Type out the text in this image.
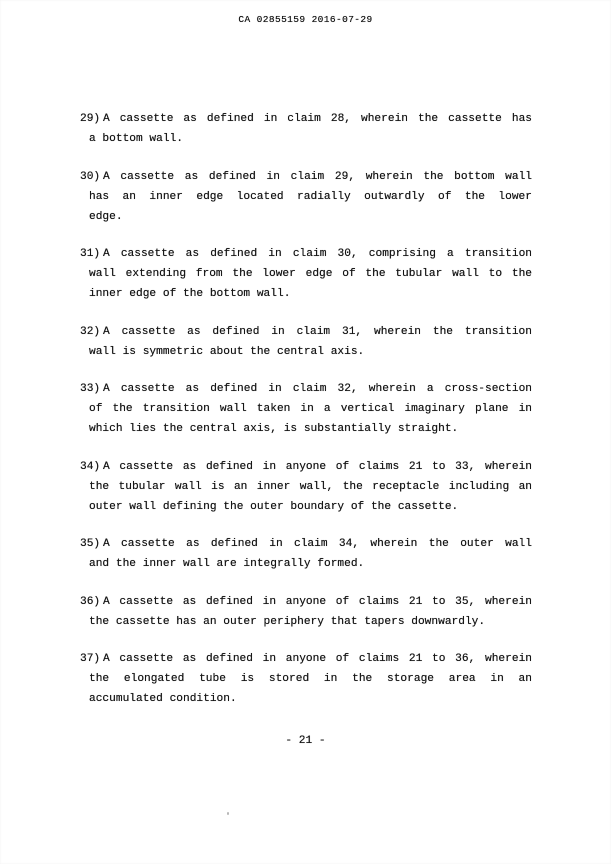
CA 02855159 2016-07-29
29) A cassette as defined in claim 28, wherein the cassette has
a bottom wall.
30) A cassette as defined in claim 29, wherein the bottom wall
has an inner edge located radially outwardly of the lower
edge.
31) A cassette as defined in claim 30, comprising a transition
wall extending from the lower edge of the tubular wall to the
inner edge of the bottom wall.
32) A cassette as defined in claim 31, wherein the transition
wall is symmetric about the central axis.
33) A cassette as defined in claim 32, wherein a cross-section
of the transition wall taken in a vertical imaginary plane in
which lies the central axis, is substantially straight.
34) A cassette as defined in anyone of claims 21 to 33, wherein
the tubular wall is an inner wall, the receptacle including an
outer wall defining the outer boundary of the cassette.
35) A cassette as defined in claim 34, wherein the outer wall
and the inner wall are integrally formed.
36) A cassette as defined in anyone of claims 21 to 35, wherein
the cassette has an outer periphery that tapers downwardly.
37) A cassette as defined in anyone of claims 21 to 36, wherein
the elongated tube is stored in the storage area in an
accumulated condition.
- 21 -
